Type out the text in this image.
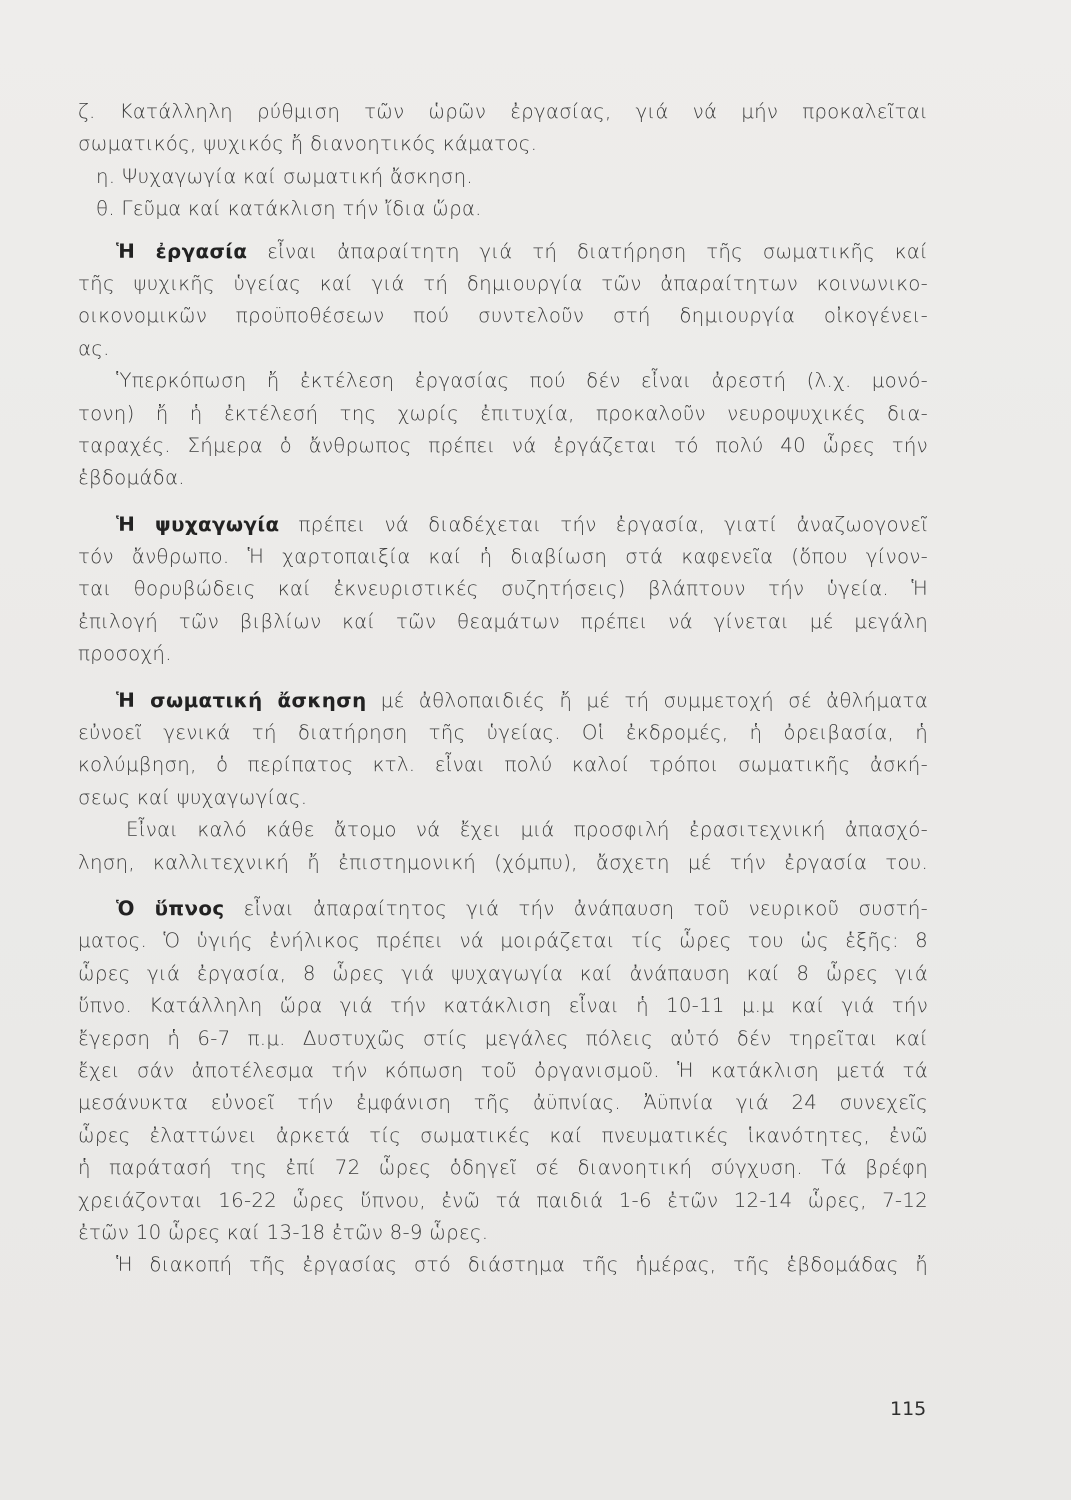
ζ. Κατάλληλη ρύθμιση τῶν ὡρῶν ἐργασίας, γιά νά μήν προκαλεῖται
σωματικός, ψυχικός ἤ διανοητικός κάματος.
η. Ψυχαγωγία καί σωματική ἄσκηση.
θ. Γεῦμα καί κατάκλιση τήν ἴδια ὥρα.
Ἡ ἐργασία εἶναι ἀπαραίτητη γιά τή διατήρηση τῆς σωματικῆς καί
τῆς ψυχικῆς ὑγείας καί γιά τή δημιουργία τῶν ἀπαραίτητων κοινωνικο-
οικονομικῶν προϋποθέσεων πού συντελοῦν στή δημιουργία οἰκογένει-
ας.
Ὑπερκόπωση ἤ ἐκτέλεση ἐργασίας πού δέν εἶναι ἀρεστή (λ.χ. μονό-
τονη) ἤ ἡ ἐκτέλεσή της χωρίς ἐπιτυχία, προκαλοῦν νευροψυχικές δια-
ταραχές. Σήμερα ὁ ἄνθρωπος πρέπει νά ἐργάζεται τό πολύ 40 ὧρες τήν
ἑβδομάδα.
Ἡ ψυχαγωγία πρέπει νά διαδέχεται τήν ἐργασία, γιατί ἀναζωογονεῖ
τόν ἄνθρωπο. Ἡ χαρτοπαιξία καί ἡ διαβίωση στά καφενεῖα (ὅπου γίνον-
ται θορυβώδεις καί ἐκνευριστικές συζητήσεις) βλάπτουν τήν ὑγεία. Ἡ
ἐπιλογή τῶν βιβλίων καί τῶν θεαμάτων πρέπει νά γίνεται μέ μεγάλη
προσοχή.
Ἡ σωματική ἄσκηση μέ ἀθλοπαιδιές ἤ μέ τή συμμετοχή σέ ἀθλήματα
εὐνοεῖ γενικά τή διατήρηση τῆς ὑγείας. Οἱ ἐκδρομές, ἡ ὀρειβασία, ἡ
κολύμβηση, ὁ περίπατος κτλ. εἶναι πολύ καλοί τρόποι σωματικῆς ἀσκή-
σεως καί ψυχαγωγίας.
Εἶναι καλό κάθε ἄτομο νά ἔχει μιά προσφιλή ἐρασιτεχνική ἀπασχό-
ληση, καλλιτεχνική ἤ ἐπιστημονική (χόμπυ), ἄσχετη μέ τήν ἐργασία του.
Ὁ ὕπνος εἶναι ἀπαραίτητος γιά τήν ἀνάπαυση τοῦ νευρικοῦ συστή-
ματος. Ὁ ὑγιής ἐνήλικος πρέπει νά μοιράζεται τίς ὧρες του ὡς ἑξῆς: 8
ὧρες γιά ἐργασία, 8 ὧρες γιά ψυχαγωγία καί ἀνάπαυση καί 8 ὧρες γιά
ὕπνο. Κατάλληλη ὥρα γιά τήν κατάκλιση εἶναι ἡ 10-11 μ.μ καί γιά τήν
ἔγερση ἡ 6-7 π.μ. Δυστυχῶς στίς μεγάλες πόλεις αὐτό δέν τηρεῖται καί
ἔχει σάν ἀποτέλεσμα τήν κόπωση τοῦ ὀργανισμοῦ. Ἡ κατάκλιση μετά τά
μεσάνυκτα εὐνοεῖ τήν ἐμφάνιση τῆς ἀϋπνίας. Ἀϋπνία γιά 24 συνεχεῖς
ὧρες ἐλαττώνει ἀρκετά τίς σωματικές καί πνευματικές ἱκανότητες, ἐνῶ
ἡ παράτασή της ἐπί 72 ὧρες ὁδηγεῖ σέ διανοητική σύγχυση. Τά βρέφη
χρειάζονται 16-22 ὧρες ὕπνου, ἐνῶ τά παιδιά 1-6 ἐτῶν 12-14 ὧρες, 7-12
ἐτῶν 10 ὧρες καί 13-18 ἐτῶν 8-9 ὧρες.
Ἡ διακοπή τῆς ἐργασίας στό διάστημα τῆς ἡμέρας, τῆς ἑβδομάδας ἤ
115
